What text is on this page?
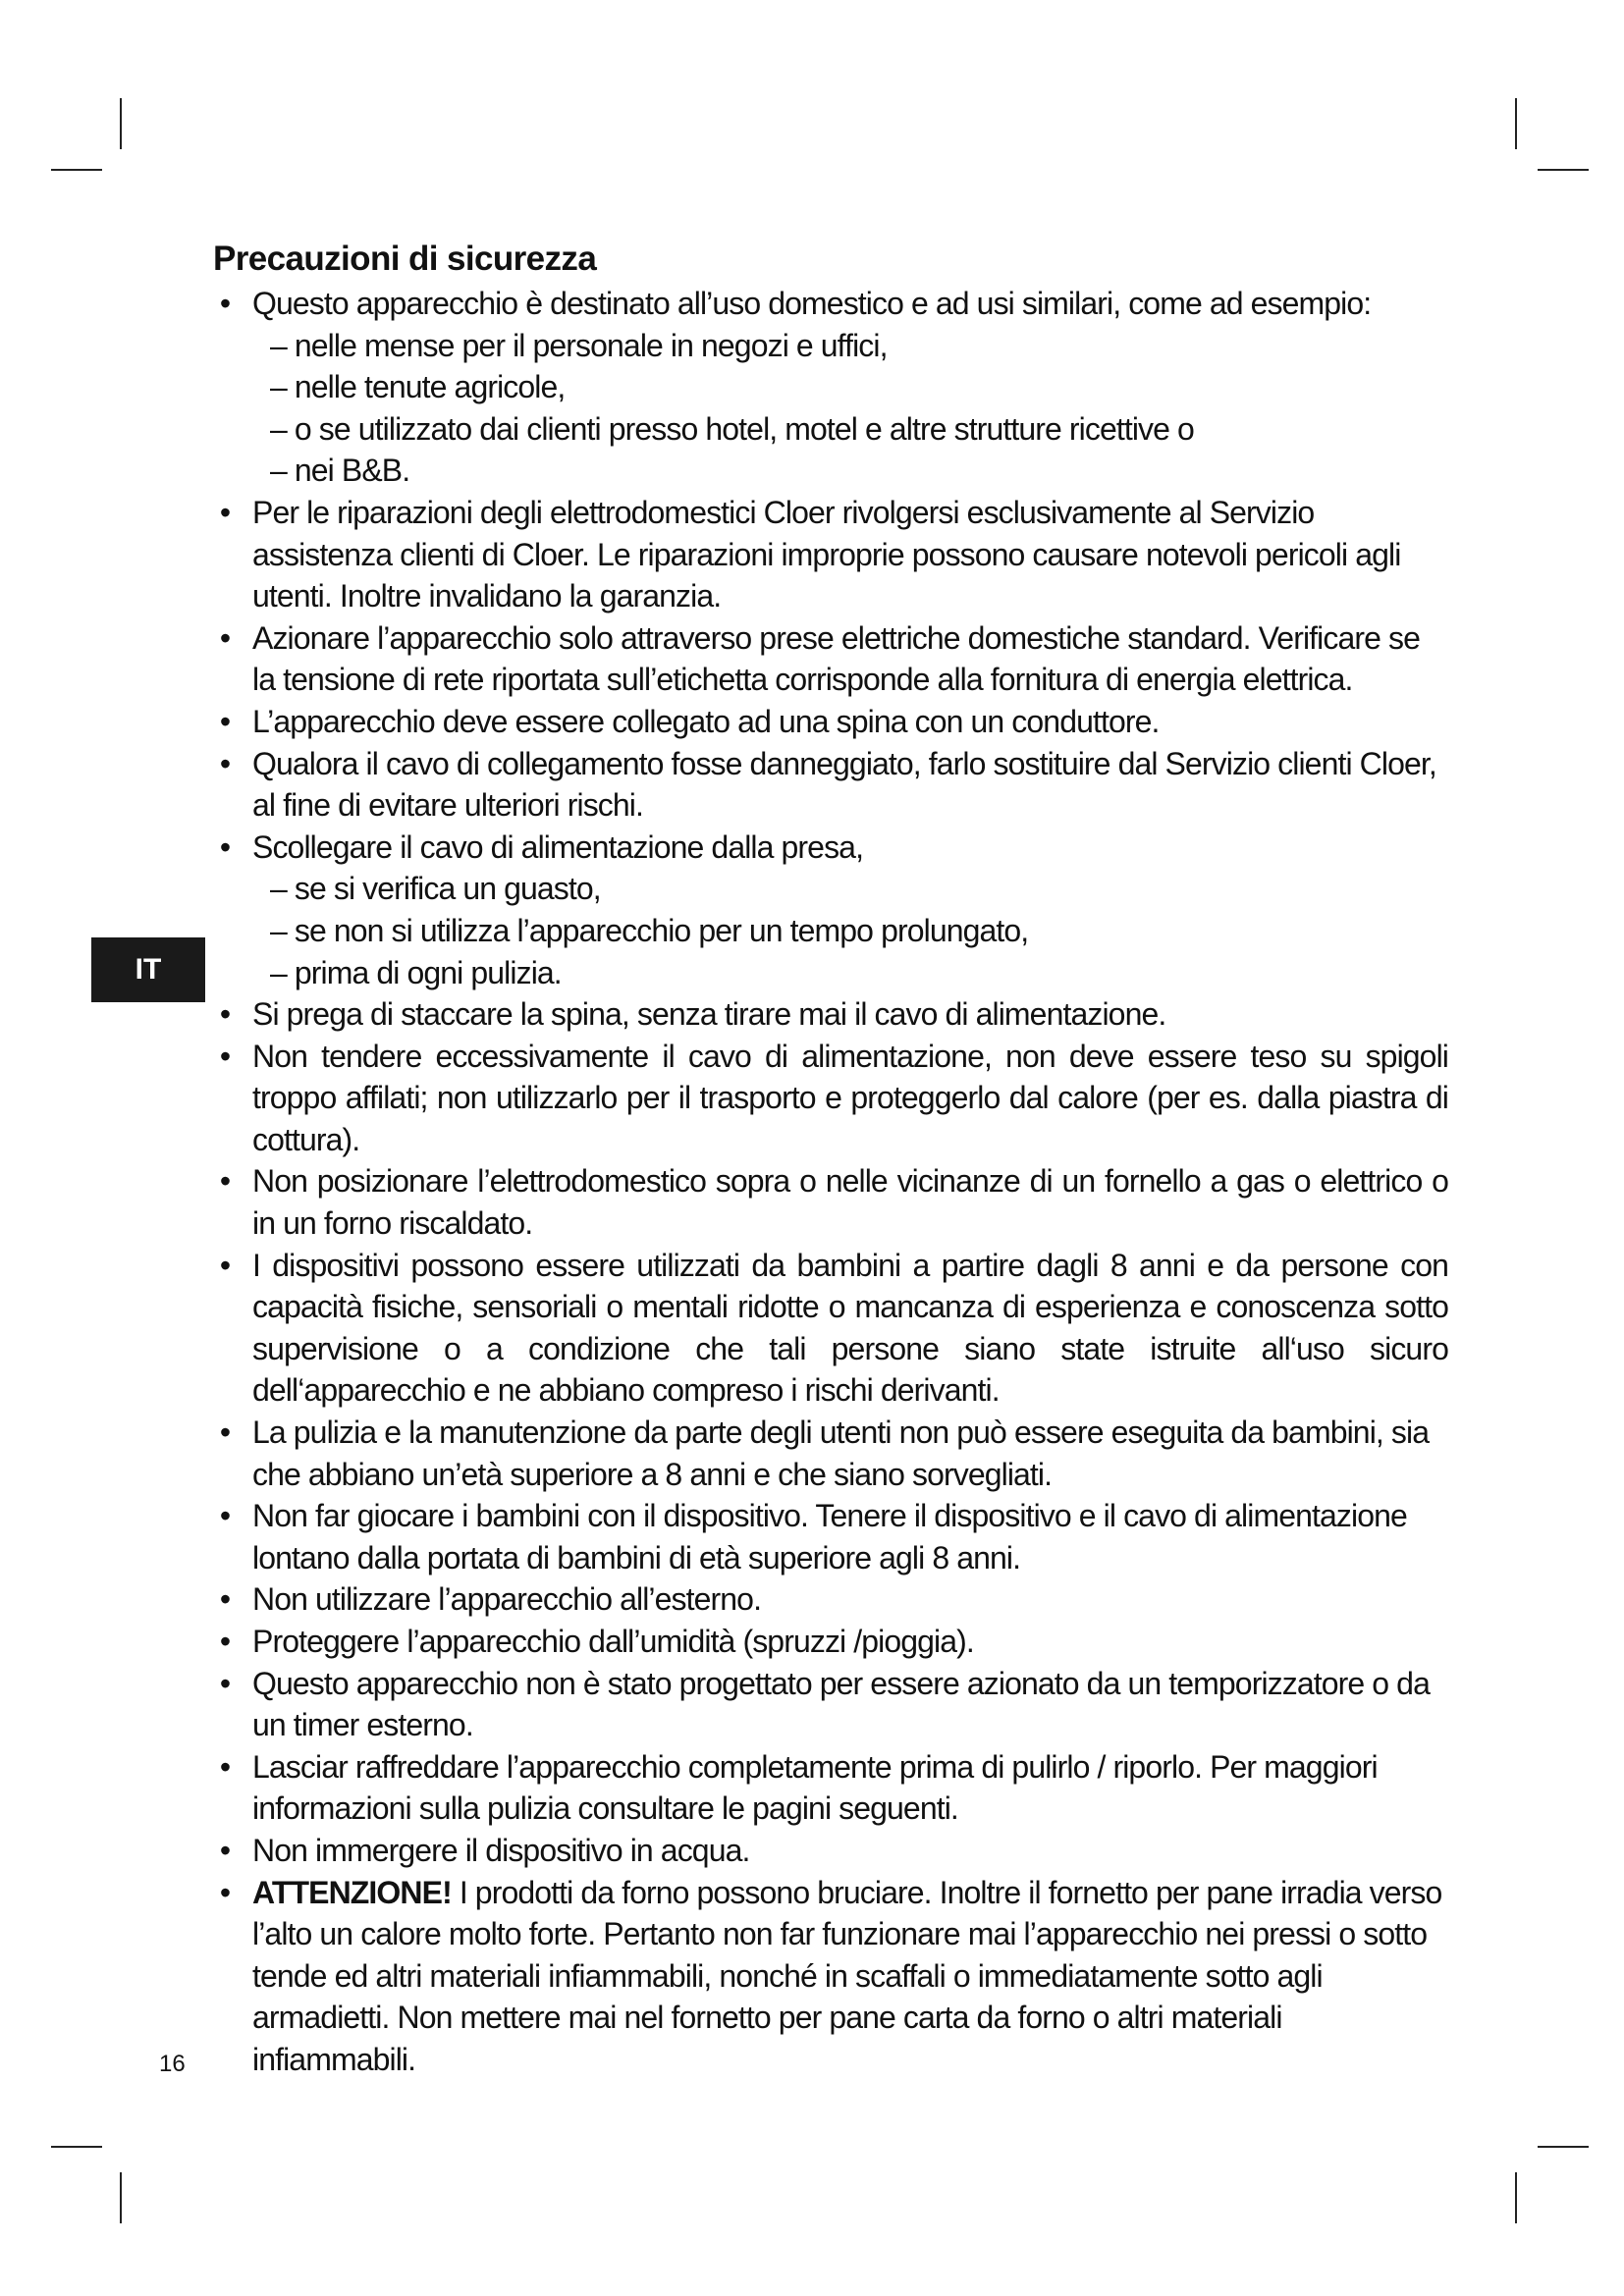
IT
16
Precauzioni di sicurezza
• Questo apparecchio è destinato all’uso domestico e ad usi similari, come ad esempio:
– nelle mense per il personale in negozi e uffici,
– nelle tenute agricole,
– o se utilizzato dai clienti presso hotel, motel e altre strutture ricettive o
– nei B&B.
• Per le riparazioni degli elettrodomestici Cloer rivolgersi esclusivamente al Servizio assistenza clienti di Cloer. Le riparazioni improprie possono causare notevoli pericoli agli utenti. Inoltre invalidano la garanzia.
• Azionare l’apparecchio solo attraverso prese elettriche domestiche standard. Verificare se la tensione di rete riportata sull’etichetta corrisponde alla fornitura di energia elettrica.
• L’apparecchio deve essere collegato ad una spina con un conduttore.
• Qualora il cavo di collegamento fosse danneggiato, farlo sostituire dal Servizio clienti Cloer, al fine di evitare ulteriori rischi.
• Scollegare il cavo di alimentazione dalla presa,
– se si verifica un guasto,
– se non si utilizza l’apparecchio per un tempo prolungato,
– prima di ogni pulizia.
• Si prega di staccare la spina, senza tirare mai il cavo di alimentazione.
• Non tendere eccessivamente il cavo di alimentazione, non deve essere teso su spigoli troppo affilati; non utilizzarlo per il trasporto e proteggerlo dal calore (per es. dalla piastra di cottura).
• Non posizionare l’elettrodomestico sopra o nelle vicinanze di un fornello a gas o elettrico o in un forno riscaldato.
• I dispositivi possono essere utilizzati da bambini a partire dagli 8 anni e da persone con capacità fisiche, sensoriali o mentali ridotte o mancanza di esperienza e conoscenza sotto supervisione o a condizione che tali persone siano state istruite all‘uso sicuro dell‘apparecchio e ne abbiano compreso i rischi derivanti.
• La pulizia e la manutenzione da parte degli utenti non può essere eseguita da bambini, sia che abbiano un’età superiore a 8 anni e che siano sorvegliati.
• Non far giocare i bambini con il dispositivo. Tenere il dispositivo e il cavo di alimentazione lontano dalla portata di bambini di età superiore agli 8 anni.
• Non utilizzare l’apparecchio all’esterno.
• Proteggere l’apparecchio dall’umidità (spruzzi /pioggia).
• Questo apparecchio non è stato progettato per essere azionato da un temporizzatore o da un timer esterno.
• Lasciar raffreddare l’apparecchio completamente prima di pulirlo / riporlo. Per maggiori informazioni sulla pulizia consultare le pagini seguenti.
• Non immergere il dispositivo in acqua.
• ATTENZIONE! I prodotti da forno possono bruciare. Inoltre il fornetto per pane irradia verso l’alto un calore molto forte. Pertanto non far funzionare mai l’apparecchio nei pressi o sotto tende ed altri materiali infiammabili, nonché in scaffali o immediatamente sotto agli armadietti. Non mettere mai nel fornetto per pane carta da forno o altri materiali infiammabili.
